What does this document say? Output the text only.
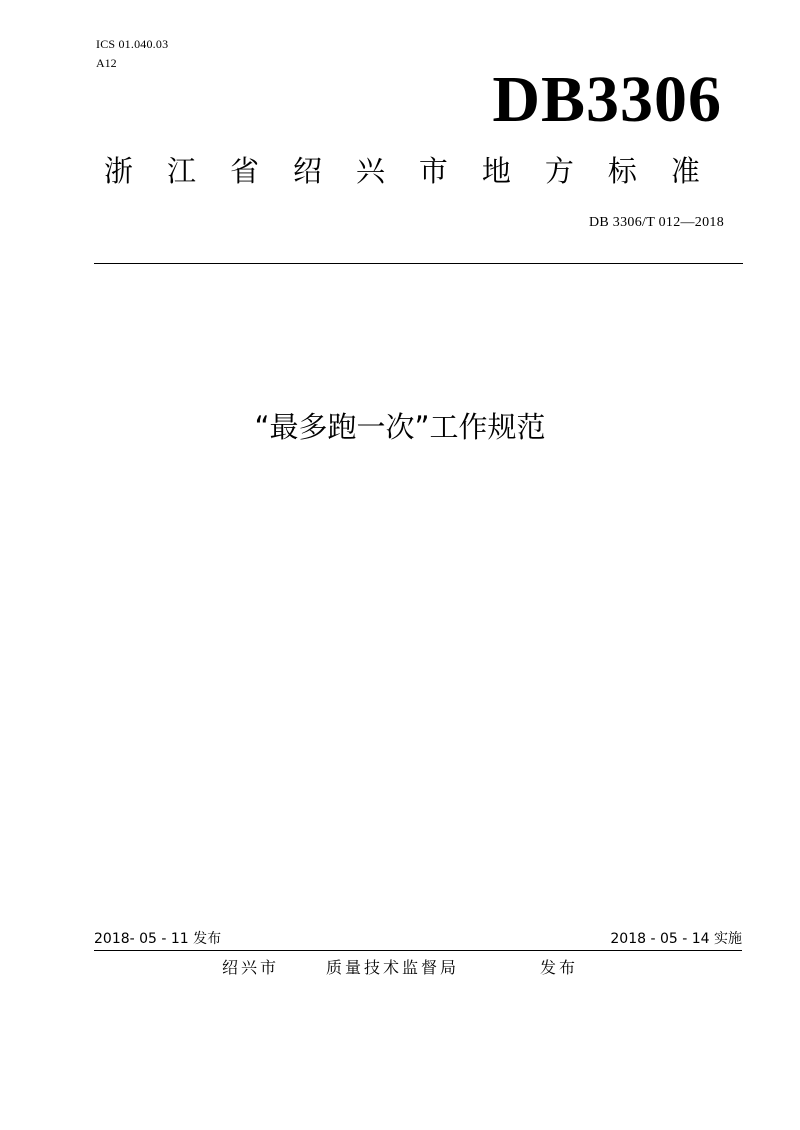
ICS 01.040.03
A12	DB3306
浙 江 省 绍 兴 市 地 方 标 准
DB 3306/T 012—2018
“最多跑一次”工作规范
2018- 05 - 11 发布	2018 - 05 - 14 实施
绍兴市	质量技术监督局	发布
